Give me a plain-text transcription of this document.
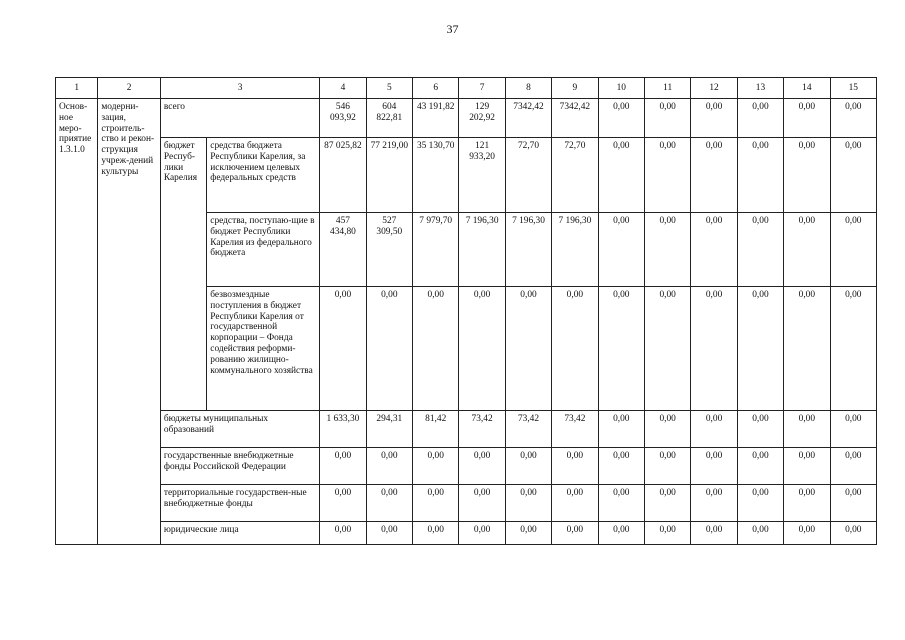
37
1	2	3		4	5	6	7	8	9	10	11	12	13	14	15
Основ-ное меро-приятие 1.3.1.0	модерни-зация, строитель-ство и рекон-струкция учреж-дений культуры	всего		546 093,92	604 822,81	43 191,82	129 202,92	7342,42	7342,42	0,00	0,00	0,00	0,00	0,00	0,00
		бюджет Респуб-лики Карелия	средства бюджета Республики Карелия, за исключением целевых федеральных средств	87 025,82	77 219,00	35 130,70	121 933,20	72,70	72,70	0,00	0,00	0,00	0,00	0,00	0,00
			средства, поступаю-щие в бюджет Республики Карелия из федерального бюджета	457 434,80	527 309,50	7 979,70	7 196,30	7 196,30	7 196,30	0,00	0,00	0,00	0,00	0,00	0,00
			безвозмездные поступления в бюджет Республики Карелия от государственной корпорации – Фонда содействия реформи-рованию жилищно-коммунального хозяйства	0,00	0,00	0,00	0,00	0,00	0,00	0,00	0,00	0,00	0,00	0,00	0,00
		бюджеты муниципальных образований		1 633,30	294,31	81,42	73,42	73,42	73,42	0,00	0,00	0,00	0,00	0,00	0,00
		государственные внебюджетные фонды Российской Федерации		0,00	0,00	0,00	0,00	0,00	0,00	0,00	0,00	0,00	0,00	0,00	0,00
		территориальные государствен-ные внебюджетные фонды		0,00	0,00	0,00	0,00	0,00	0,00	0,00	0,00	0,00	0,00	0,00	0,00
		юридические лица		0,00	0,00	0,00	0,00	0,00	0,00	0,00	0,00	0,00	0,00	0,00	0,00
